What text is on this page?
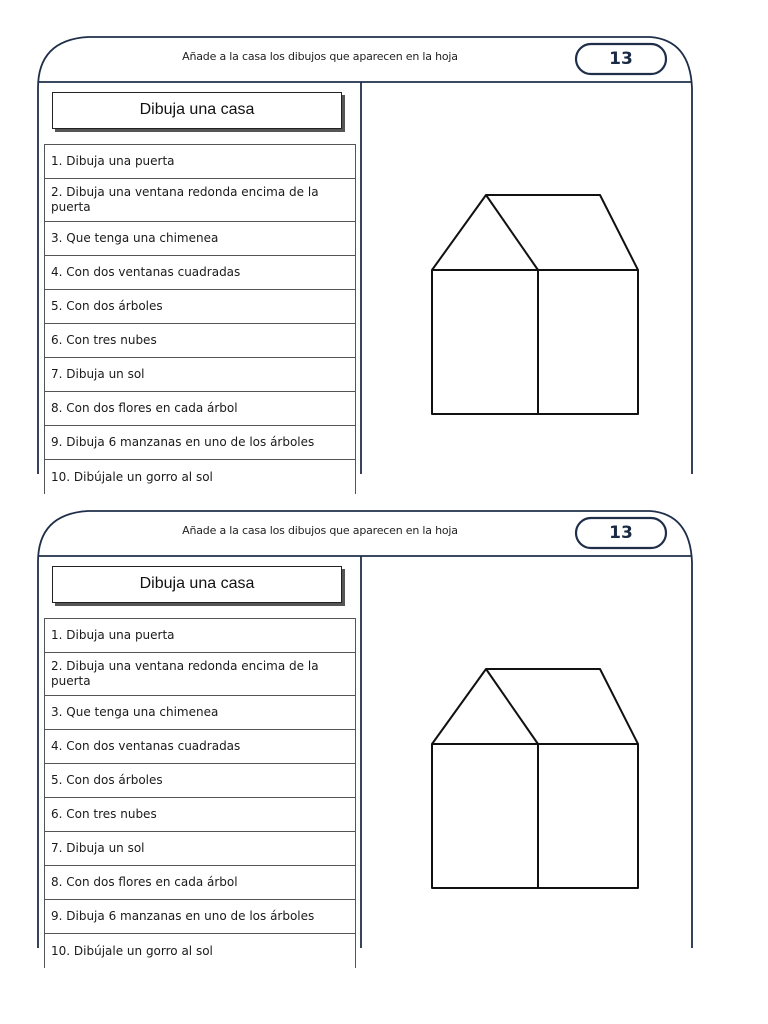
Añade a la casa los dibujos que aparecen en la hoja	13
Dibuja una casa
1. Dibuja una puerta
2. Dibuja una ventana redonda encima de la puerta
3. Que tenga una chimenea
4. Con dos ventanas cuadradas
5. Con dos árboles
6. Con tres nubes
7. Dibuja un sol
8. Con dos flores en cada árbol
9. Dibuja 6 manzanas en uno de los árboles
10. Dibújale un gorro al sol
Añade a la casa los dibujos que aparecen en la hoja	13
Dibuja una casa
1. Dibuja una puerta
2. Dibuja una ventana redonda encima de la puerta
3. Que tenga una chimenea
4. Con dos ventanas cuadradas
5. Con dos árboles
6. Con tres nubes
7. Dibuja un sol
8. Con dos flores en cada árbol
9. Dibuja 6 manzanas en uno de los árboles
10. Dibújale un gorro al sol
